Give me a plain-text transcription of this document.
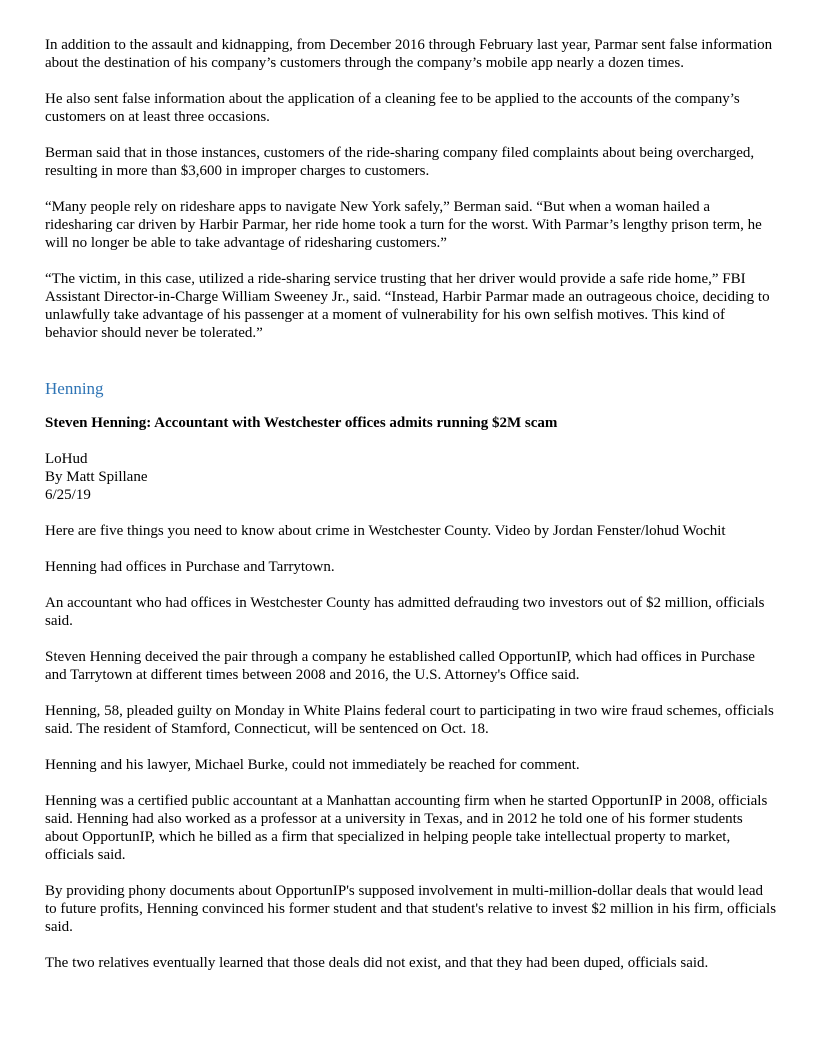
In addition to the assault and kidnapping, from December 2016 through February last year, Parmar sent false information about the destination of his company’s customers through the company’s mobile app nearly a dozen times.

He also sent false information about the application of a cleaning fee to be applied to the accounts of the company’s customers on at least three occasions.

Berman said that in those instances, customers of the ride-sharing company filed complaints about being overcharged, resulting in more than $3,600 in improper charges to customers.

“Many people rely on rideshare apps to navigate New York safely,” Berman said. “But when a woman hailed a ridesharing car driven by Harbir Parmar, her ride home took a turn for the worst. With Parmar’s lengthy prison term, he will no longer be able to take advantage of ridesharing customers.”

“The victim, in this case, utilized a ride-sharing service trusting that her driver would provide a safe ride home,” FBI Assistant Director-in-Charge William Sweeney Jr., said. “Instead, Harbir Parmar made an outrageous choice, deciding to unlawfully take advantage of his passenger at a moment of vulnerability for his own selfish motives. This kind of behavior should never be tolerated.”

Henning

Steven Henning: Accountant with Westchester offices admits running $2M scam

LoHud
By Matt Spillane
6/25/19

Here are five things you need to know about crime in Westchester County. Video by Jordan Fenster/lohud Wochit

Henning had offices in Purchase and Tarrytown.

An accountant who had offices in Westchester County has admitted defrauding two investors out of $2 million, officials said.

Steven Henning deceived the pair through a company he established called OpportunIP, which had offices in Purchase and Tarrytown at different times between 2008 and 2016, the U.S. Attorney's Office said.

Henning, 58, pleaded guilty on Monday in White Plains federal court to participating in two wire fraud schemes, officials said. The resident of Stamford, Connecticut, will be sentenced on Oct. 18.

Henning and his lawyer, Michael Burke, could not immediately be reached for comment.

Henning was a certified public accountant at a Manhattan accounting firm when he started OpportunIP in 2008, officials said. Henning had also worked as a professor at a university in Texas, and in 2012 he told one of his former students about OpportunIP, which he billed as a firm that specialized in helping people take intellectual property to market, officials said.

By providing phony documents about OpportunIP's supposed involvement in multi-million-dollar deals that would lead to future profits, Henning convinced his former student and that student's relative to invest $2 million in his firm, officials said.

The two relatives eventually learned that those deals did not exist, and that they had been duped, officials said.
